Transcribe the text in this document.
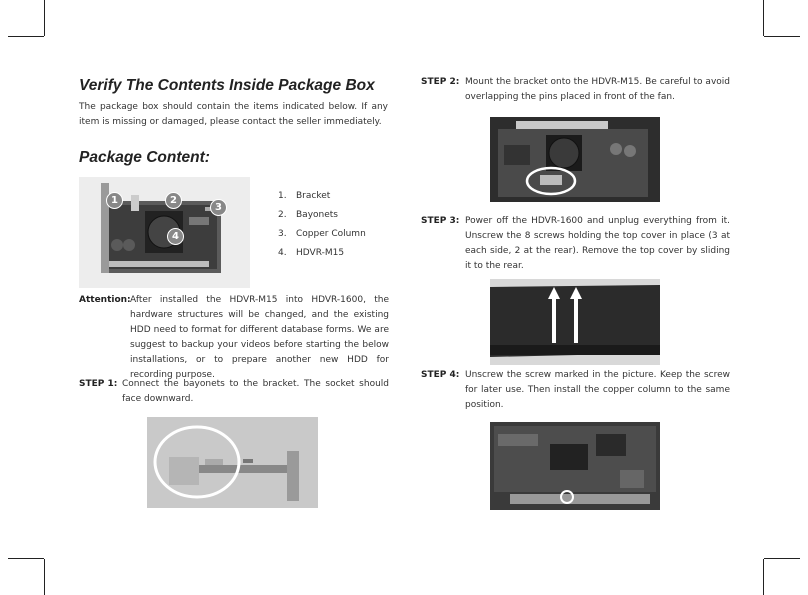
Verify The Contents Inside Package Box

The package box should contain the items indicated below. If any item is missing or damaged, please contact the seller immediately.

Package Content:
1	2
3
4
1.	Bracket
2.	Bayonets
3.	Copper Column
4.	HDVR-M15
Attention: After installed the HDVR-M15 into HDVR-1600, the hardware structures will be changed, and the existing HDD need to format for different database forms. We are suggest to backup your videos before starting the below installations, or to prepare another new HDD for recording purpose.
STEP 1: Connect the bayonets to the bracket. The socket should face downward.
STEP 2: Mount the bracket onto the HDVR-M15. Be careful to avoid overlapping the pins placed in front of the fan.
STEP 3: Power off the HDVR-1600 and unplug everything from it. Unscrew the 8 screws holding the top cover in place (3 at each side, 2 at the rear). Remove the top cover by sliding it to the rear.
STEP 4: Unscrew the screw marked in the picture. Keep the screw for later use. Then install the copper column to the same position.
